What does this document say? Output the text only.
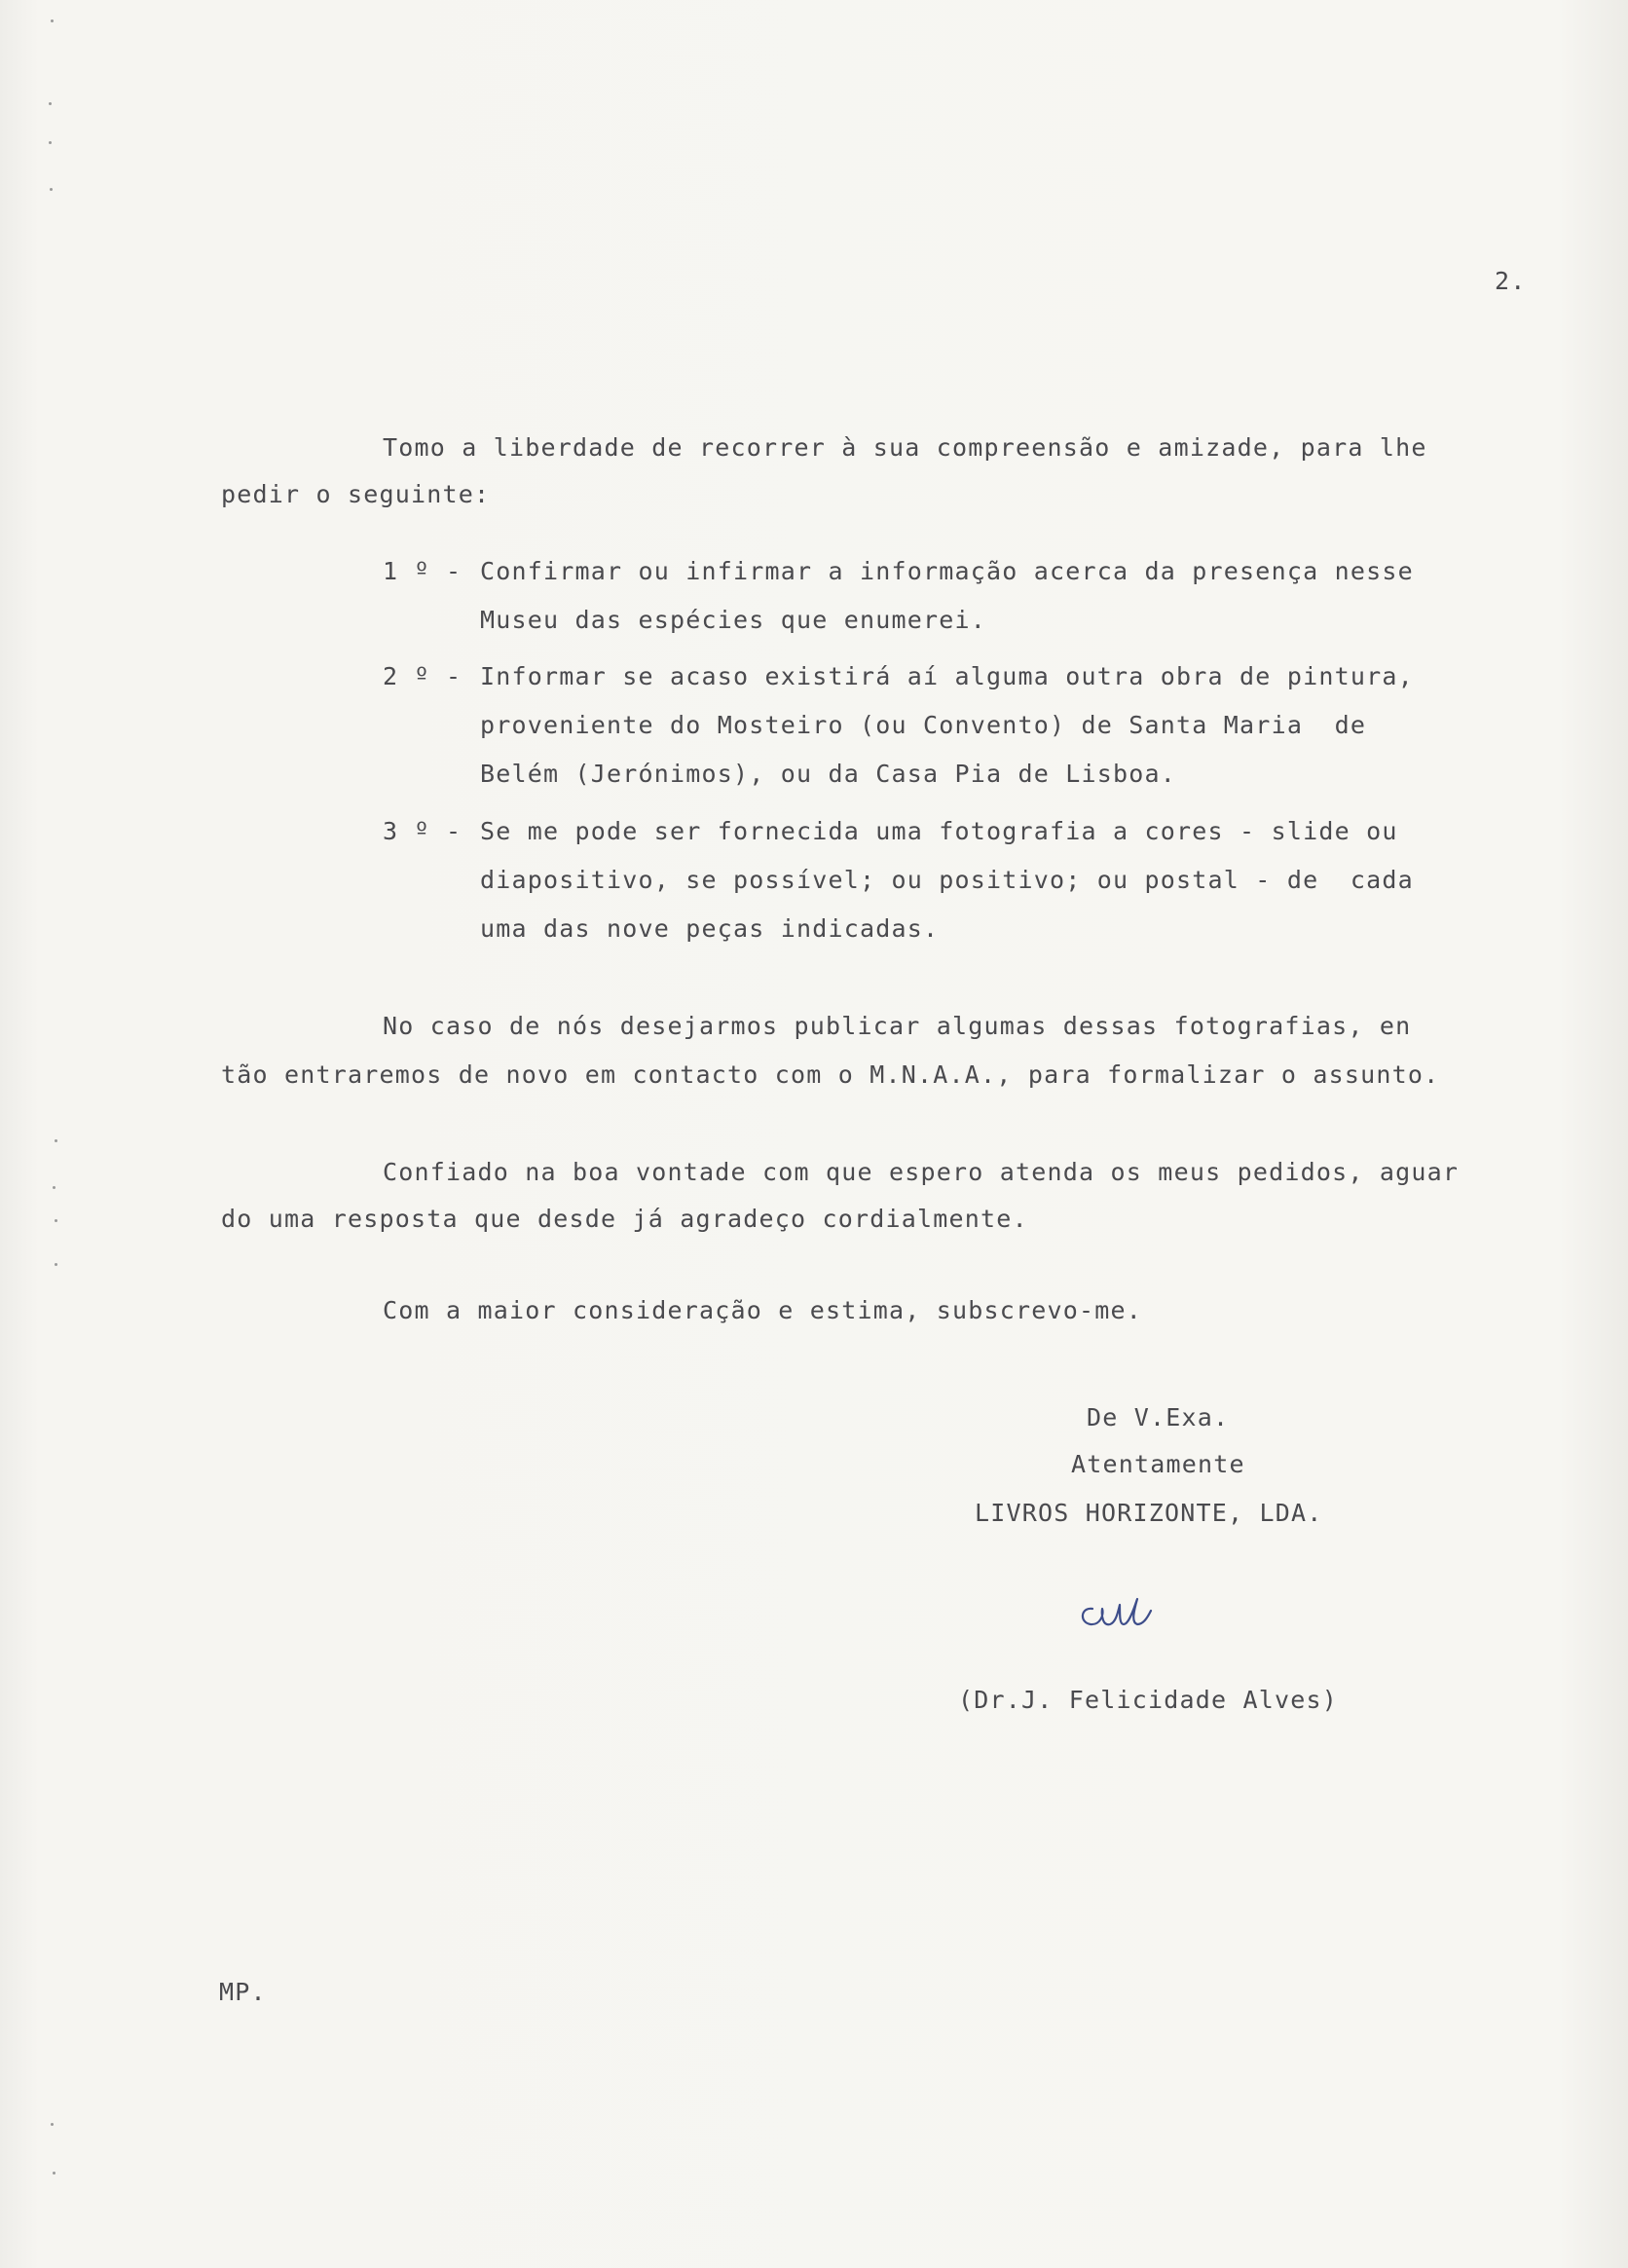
2.
Tomo a liberdade de recorrer à sua compreensão e amizade, para lhe
pedir o seguinte:
1 º - Confirmar ou infirmar a informação acerca da presença nesse
Museu das espécies que enumerei.
2 º - Informar se acaso existirá aí alguma outra obra de pintura,
proveniente do Mosteiro (ou Convento) de Santa Maria  de
Belém (Jerónimos), ou da Casa Pia de Lisboa.
3 º - Se me pode ser fornecida uma fotografia a cores - slide ou
diapositivo, se possível; ou positivo; ou postal - de  cada
uma das nove peças indicadas.
No caso de nós desejarmos publicar algumas dessas fotografias, en
tão entraremos de novo em contacto com o M.N.A.A., para formalizar o assunto.
Confiado na boa vontade com que espero atenda os meus pedidos, aguar
do uma resposta que desde já agradeço cordialmente.
Com a maior consideração e estima, subscrevo-me.
De V.Exa.
Atentamente
LIVROS HORIZONTE, LDA.
(Dr.J. Felicidade Alves)
MP.
